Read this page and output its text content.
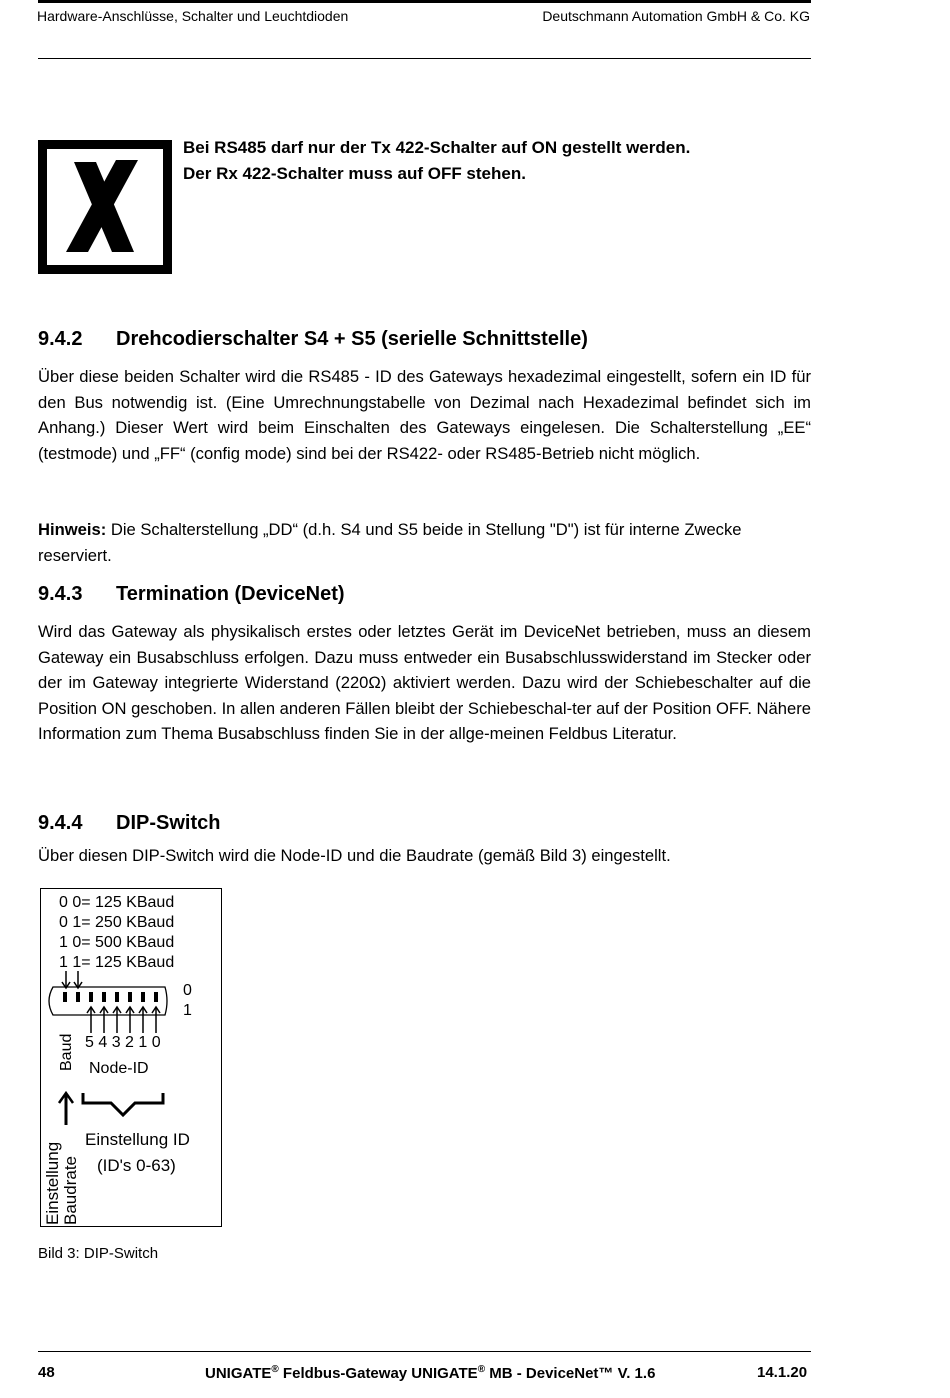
Hardware-Anschlüsse, Schalter und Leuchtdioden	Deutschmann Automation GmbH & Co. KG
Bei RS485 darf nur der Tx 422-Schalter auf ON gestellt werden.
Der Rx 422-Schalter muss auf OFF stehen.
9.4.2 Drehcodierschalter S4 + S5 (serielle Schnittstelle)

Über diese beiden Schalter wird die RS485 - ID des Gateways hexadezimal eingestellt, sofern ein ID für den Bus notwendig ist. (Eine Umrechnungstabelle von Dezimal nach Hexadezimal befindet sich im Anhang.) Dieser Wert wird beim Einschalten des Gateways eingelesen. Die Schalterstellung „EE“ (testmode) und „FF“ (config mode) sind bei der RS422- oder RS485-Betrieb nicht möglich.

Hinweis: Die Schalterstellung „DD“ (d.h. S4 und S5 beide in Stellung "D") ist für interne Zwecke reserviert.

9.4.3 Termination (DeviceNet)

Wird das Gateway als physikalisch erstes oder letztes Gerät im DeviceNet betrieben, muss an diesem Gateway ein Busabschluss erfolgen. Dazu muss entweder ein Busabschlusswiderstand im Stecker oder der im Gateway integrierte Widerstand (220Ω) aktiviert werden. Dazu wird der Schiebeschalter auf die Position ON geschoben. In allen anderen Fällen bleibt der Schiebeschal-ter auf der Position OFF. Nähere Information zum Thema Busabschluss finden Sie in der allge-meinen Feldbus Literatur.

9.4.4 DIP-Switch

Über diesen DIP-Switch wird die Node-ID und die Baudrate (gemäß Bild 3) eingestellt.

0 0= 125 KBaud
0 1= 250 KBaud
1 0= 500 KBaud
1 1= 125 KBaud
0
1
5 4 3 2 1 0
Baud Node-ID
Einstellung Baudrate
Einstellung ID
(ID's 0-63)
Bild 3: DIP-Switch
48	UNIGATE® Feldbus-Gateway UNIGATE® MB - DeviceNet™ V. 1.6	14.1.20
